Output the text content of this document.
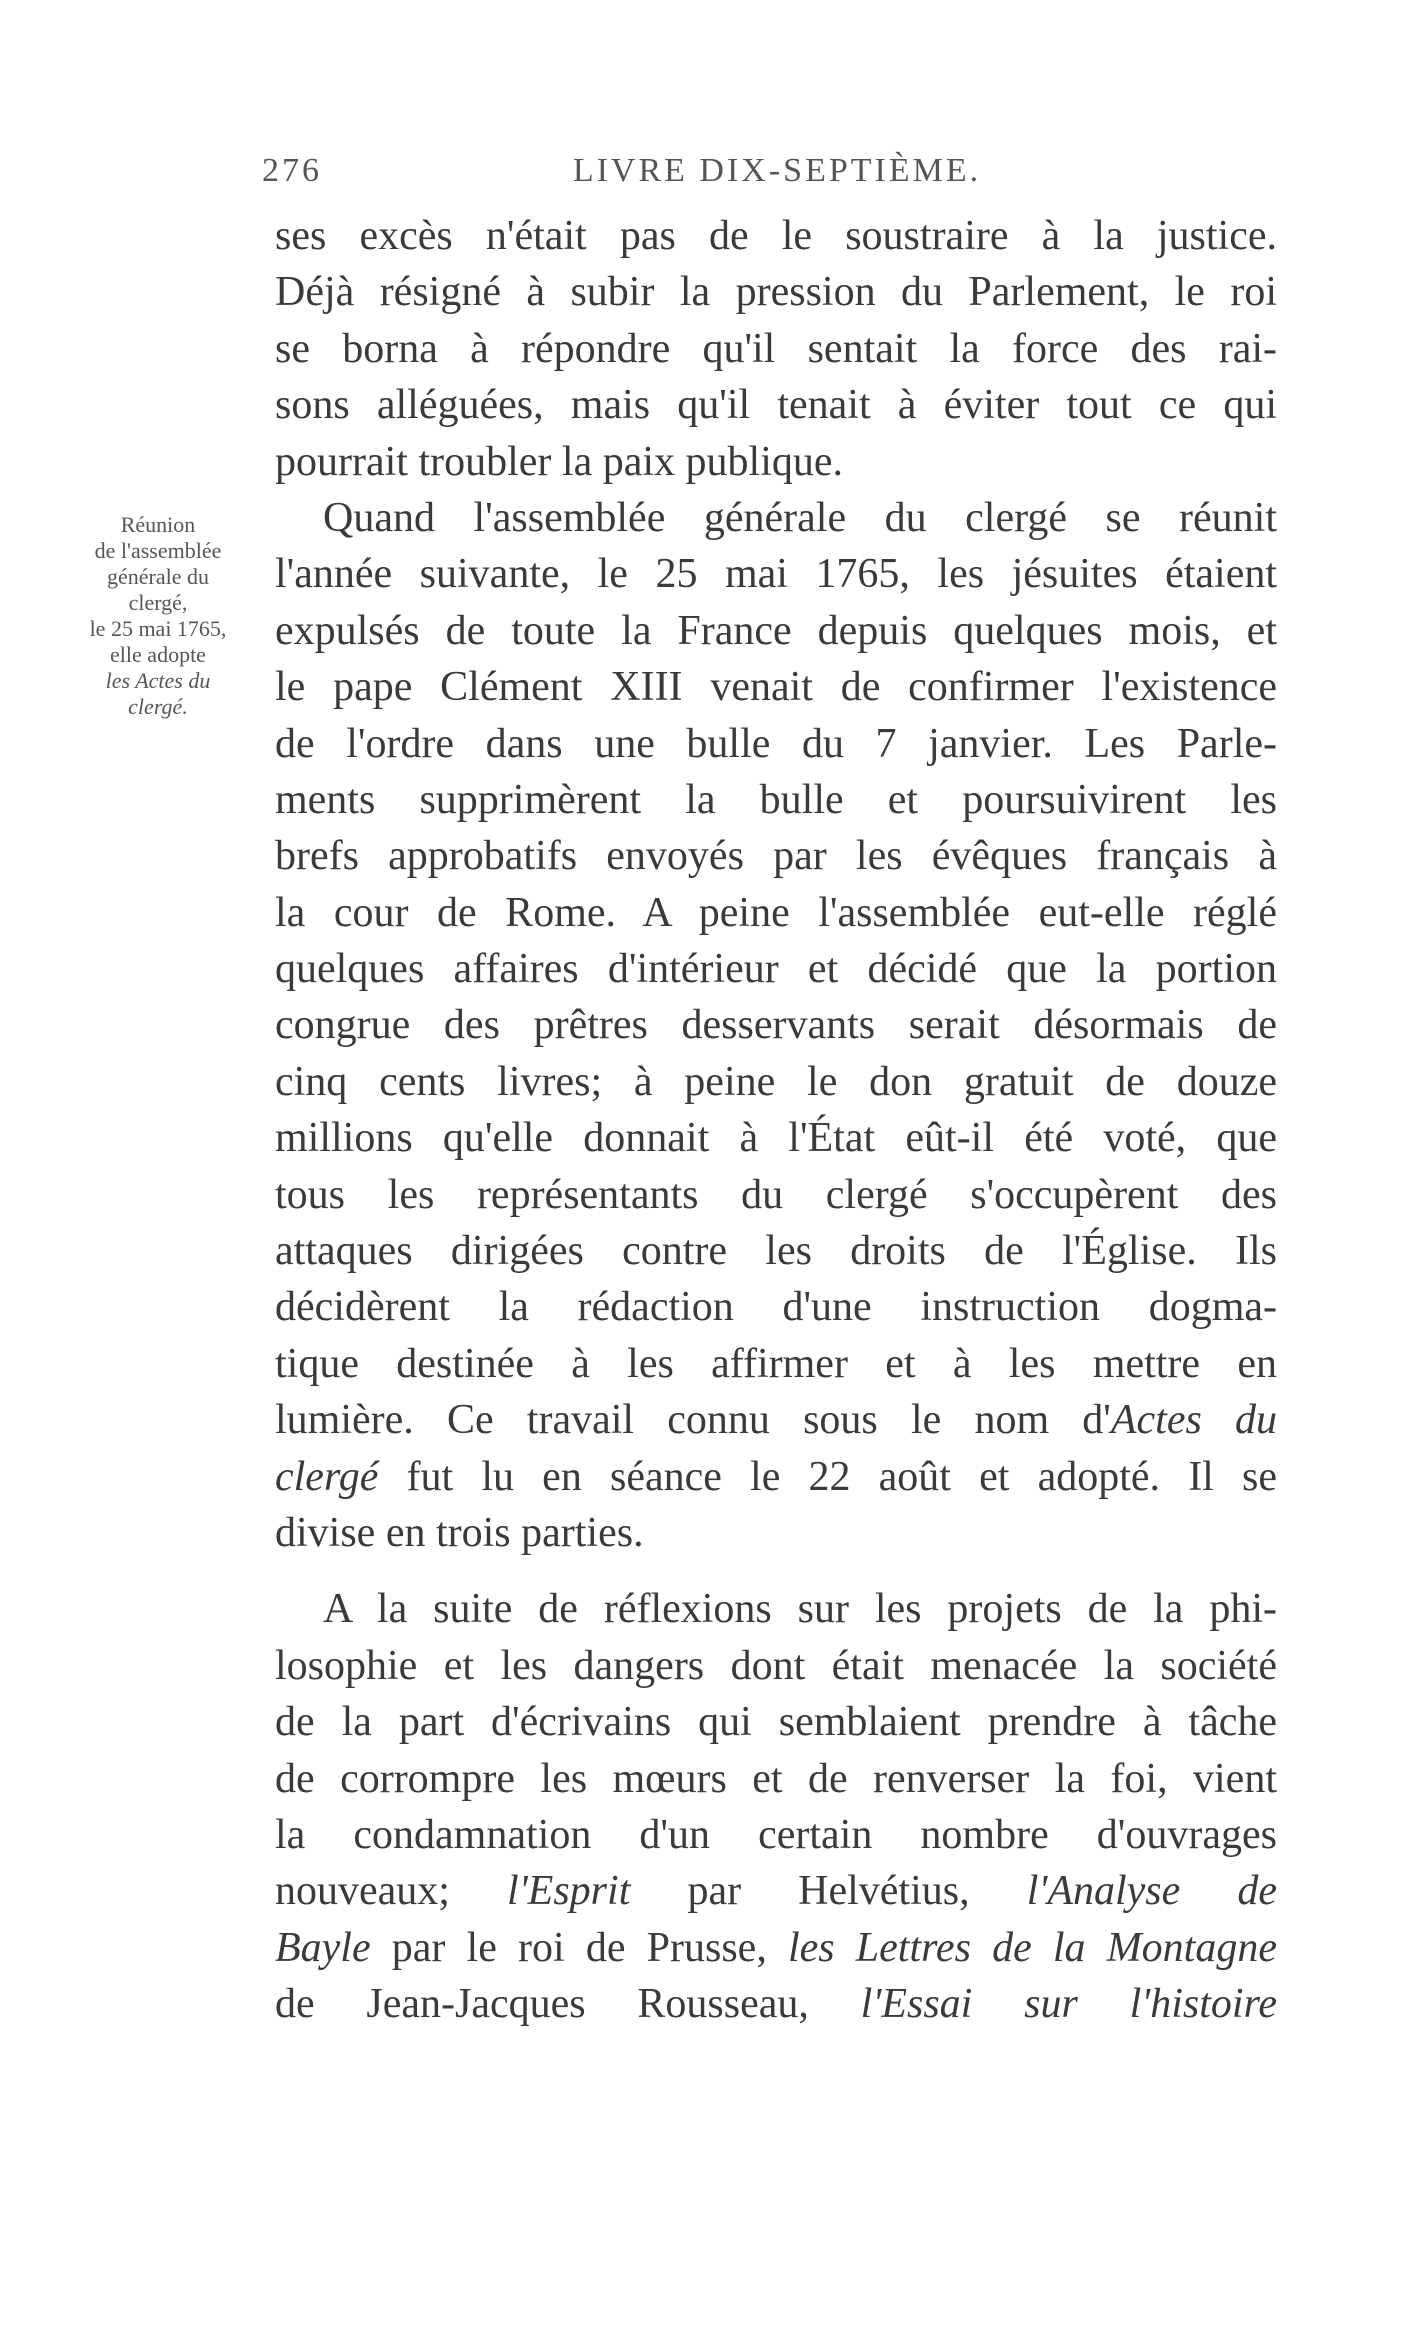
276	LIVRE DIX-SEPTIÈME.
Réunion
de l'assemblée
générale du
clergé,
le 25 mai 1765,
elle adopte
les Actes du
clergé.
ses excès n'était pas de le soustraire à la justice.
Déjà résigné à subir la pression du Parlement, le roi
se borna à répondre qu'il sentait la force des rai-
sons alléguées, mais qu'il tenait à éviter tout ce qui
pourrait troubler la paix publique.
Quand l'assemblée générale du clergé se réunit
l'année suivante, le 25 mai 1765, les jésuites étaient
expulsés de toute la France depuis quelques mois, et
le pape Clément XIII venait de confirmer l'existence
de l'ordre dans une bulle du 7 janvier. Les Parle-
ments supprimèrent la bulle et poursuivirent les
brefs approbatifs envoyés par les évêques français à
la cour de Rome. A peine l'assemblée eut-elle réglé
quelques affaires d'intérieur et décidé que la portion
congrue des prêtres desservants serait désormais de
cinq cents livres; à peine le don gratuit de douze
millions qu'elle donnait à l'État eût-il été voté, que
tous les représentants du clergé s'occupèrent des
attaques dirigées contre les droits de l'Église. Ils
décidèrent la rédaction d'une instruction dogma-
tique destinée à les affirmer et à les mettre en
lumière. Ce travail connu sous le nom d'Actes du
clergé fut lu en séance le 22 août et adopté. Il se
divise en trois parties.
A la suite de réflexions sur les projets de la phi-
losophie et les dangers dont était menacée la société
de la part d'écrivains qui semblaient prendre à tâche
de corrompre les mœurs et de renverser la foi, vient
la condamnation d'un certain nombre d'ouvrages
nouveaux; l'Esprit par Helvétius, l'Analyse de
Bayle par le roi de Prusse, les Lettres de la Montagne
de Jean-Jacques Rousseau, l'Essai sur l'histoire
